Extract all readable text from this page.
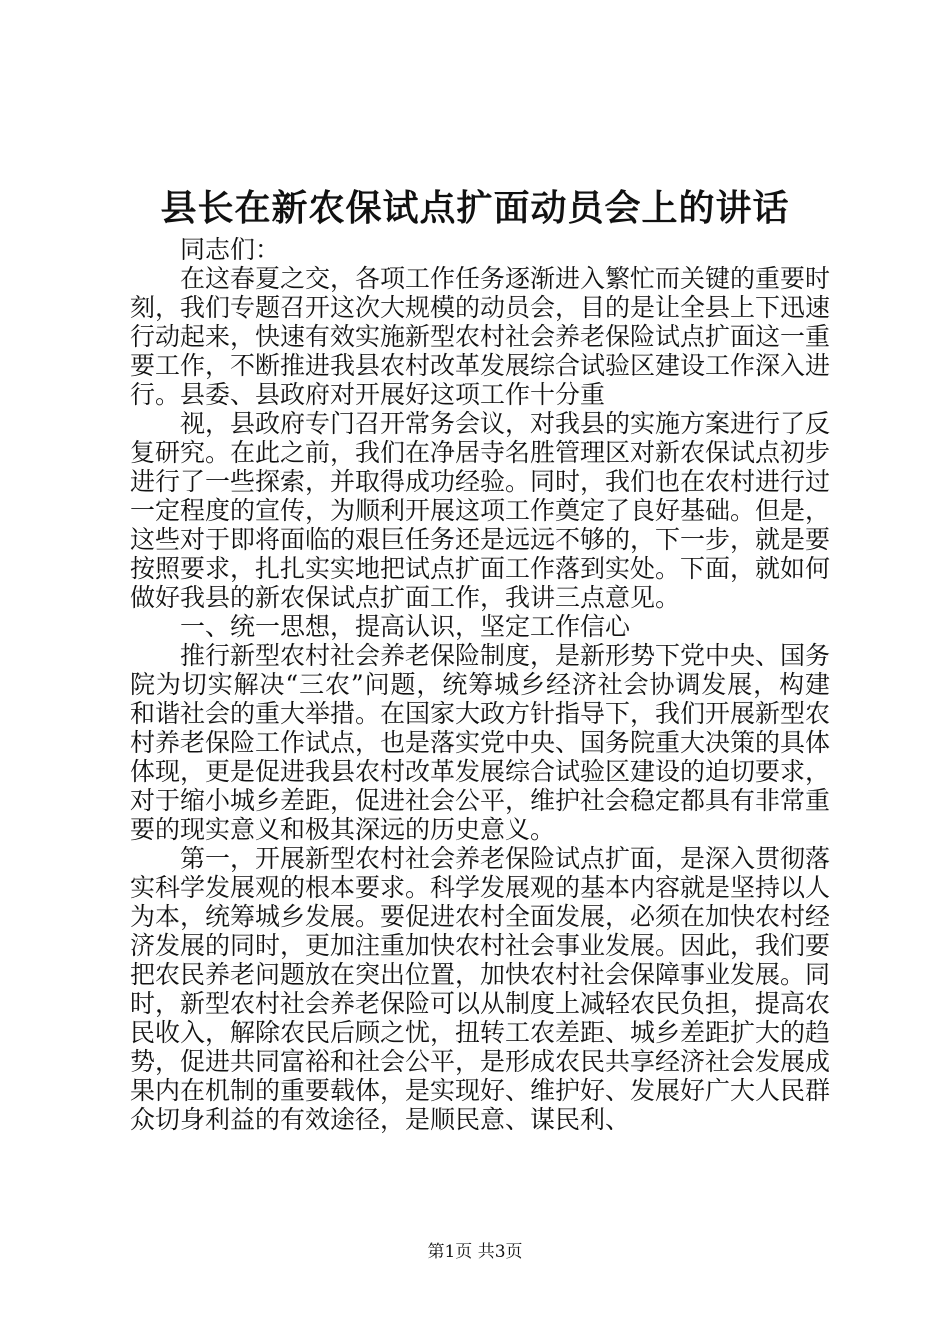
县长在新农保试点扩面动员会上的讲话

同志们：

在这春夏之交，各项工作任务逐渐进入繁忙而关键的重要时刻，我们专题召开这次大规模的动员会，目的是让全县上下迅速行动起来，快速有效实施新型农村社会养老保险试点扩面这一重要工作，不断推进我县农村改革发展综合试验区建设工作深入进行。县委、县政府对开展好这项工作十分重

视，县政府专门召开常务会议，对我县的实施方案进行了反复研究。在此之前，我们在净居寺名胜管理区对新农保试点初步进行了一些探索，并取得成功经验。同时，我们也在农村进行过一定程度的宣传，为顺利开展这项工作奠定了良好基础。但是，这些对于即将面临的艰巨任务还是远远不够的，下一步，就是要按照要求，扎扎实实地把试点扩面工作落到实处。下面，就如何做好我县的新农保试点扩面工作，我讲三点意见。

一、统一思想，提高认识，坚定工作信心

推行新型农村社会养老保险制度，是新形势下党中央、国务院为切实解决“三农”问题，统筹城乡经济社会协调发展，构建和谐社会的重大举措。在国家大政方针指导下，我们开展新型农村养老保险工作试点，也是落实党中央、国务院重大决策的具体体现，更是促进我县农村改革发展综合试验区建设的迫切要求，对于缩小城乡差距，促进社会公平，维护社会稳定都具有非常重要的现实意义和极其深远的历史意义。

第一，开展新型农村社会养老保险试点扩面，是深入贯彻落实科学发展观的根本要求。科学发展观的基本内容就是坚持以人为本，统筹城乡发展。要促进农村全面发展，必须在加快农村经济发展的同时，更加注重加快农村社会事业发展。因此，我们要把农民养老问题放在突出位置，加快农村社会保障事业发展。同时，新型农村社会养老保险可以从制度上减轻农民负担，提高农民收入，解除农民后顾之忧，扭转工农差距、城乡差距扩大的趋势，促进共同富裕和社会公平，是形成农民共享经济社会发展成果内在机制的重要载体，是实现好、维护好、发展好广大人民群众切身利益的有效途径，是顺民意、谋民利、

第1页 共3页
